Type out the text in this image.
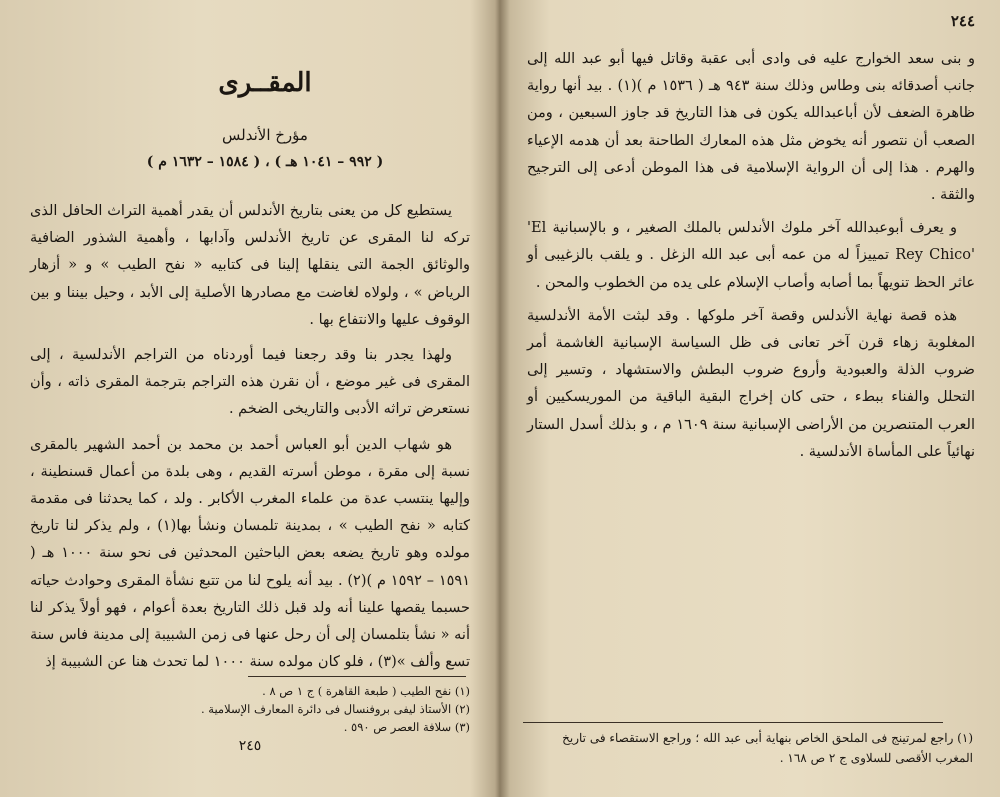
المقــرى
مؤرخ الأندلس
( ٩٩٢ – ١٠٤١ هـ ) ، ( ١٥٨٤ – ١٦٣٢ م )

يستطيع كل من يعنى بتاريخ الأندلس أن يقدر أهمية التراث الحافل الذى تركه لنا المقرى عن تاريخ الأندلس وآدابها ، وأهمية الشذور الضافية والوثائق الجمة التى ينقلها إلينا فى كتابيه « نفح الطيب » و « أزهار الرياض » ، ولولاه لغاضت مع مصادرها الأصلية إلى الأبد ، وحيل بيننا و بين الوقوف عليها والانتفاع بها .

ولهذا يجدر بنا وقد رجعنا فيما أوردناه من التراجم الأندلسية ، إلى المقرى فى غير موضع ، أن نقرن هذه التراجم بترجمة المقرى ذاته ، وأن نستعرض تراثه الأدبى والتاريخى الضخم .

هو شهاب الدين أبو العباس أحمد بن محمد بن أحمد الشهير بالمقرى نسبة إلى مقرة ، موطن أسرته القديم ، وهى بلدة من أعمال قسنطينة ، وإليها ينتسب عدة من علماء المغرب الأكابر . ولد ، كما يحدثنا فى مقدمة كتابه « نفح الطيب » ، بمدينة تلمسان ونشأ بها(١) ، ولم يذكر لنا تاريخ مولده وهو تاريخ يضعه بعض الباحثين المحدثين فى نحو سنة ١٠٠٠ هـ ( ١٥٩١ – ١٥٩٢ م )(٢) . بيد أنه يلوح لنا من تتبع نشأة المقرى وحوادث حياته حسبما يقصها علينا أنه ولد قبل ذلك التاريخ بعدة أعوام ، فهو أولاً يذكر لنا أنه « نشأ بتلمسان إلى أن رحل عنها فى زمن الشبيبة إلى مدينة فاس سنة تسع وألف »(٣) ، فلو كان مولده سنة ١٠٠٠ لما تحدث هنا عن الشبيبة إذ

(١) نفح الطيب ( طبعة القاهرة ) ج ١ ص ٨ .
(٢) الأستاذ ليفى بروفنسال فى دائرة المعارف الإسلامية .
(٣) سلافة العصر ص ٥٩٠ .
٢٤٥
٢٤٤

و بنى سعد الخوارج عليه فى وادى أبى عقبة وقاتل فيها أبو عبد الله إلى جانب أصدقائه بنى وطاس وذلك سنة ٩٤٣ هـ ( ١٥٣٦ م )(١) . بيد أنها رواية ظاهرة الضعف لأن أباعبدالله يكون فى هذا التاريخ قد جاوز السبعين ، ومن الصعب أن نتصور أنه يخوض مثل هذه المعارك الطاحنة بعد أن هدمه الإعياء والهرم . هذا إلى أن الرواية الإسلامية فى هذا الموطن أدعى إلى الترجيح والثقة .

و يعرف أبوعبدالله آخر ملوك الأندلس بالملك الصغير ، و بالإسبانية 'El Rey Chico' تمييزاً له من عمه أبى عبد الله الزغل . و يلقب بالزغيبى أو عاثر الحظ تنويهاً بما أصابه وأصاب الإسلام على يده من الخطوب والمحن .

هذه قصة نهاية الأندلس وقصة آخر ملوكها . وقد لبثت الأمة الأندلسية المغلوبة زهاء قرن آخر تعانى فى ظل السياسة الإسبانية الغاشمة أمر ضروب الذلة والعبودية وأروع ضروب البطش والاستشهاد ، وتسير إلى التحلل والفناء ببطء ، حتى كان إخراج البقية الباقية من الموريسكيين أو العرب المتنصرين من الأراضى الإسبانية سنة ١٦٠٩ م ، و بذلك أسدل الستار نهائياً على المأساة الأندلسية .

(١) راجع لمرتينج فى الملحق الخاص بنهاية أبى عبد الله ؛ وراجع الاستقصاء فى تاريخ المغرب الأقصى للسلاوى ج ٢ ص ١٦٨ .
